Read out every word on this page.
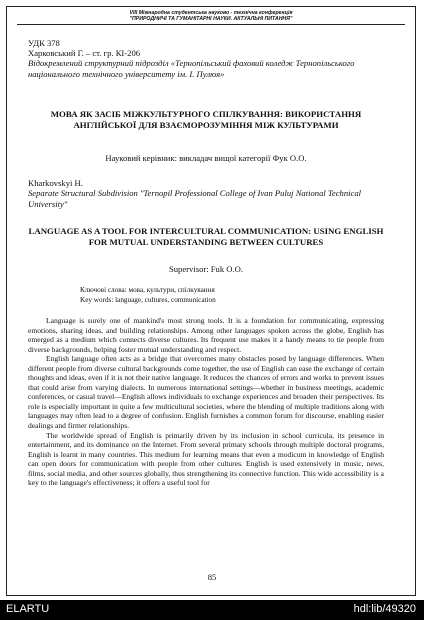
VIII Міжнародна студентська науково - технічна конференція
"ПРИРОДНИЧІ ТА ГУМАНІТАРНІ НАУКИ. АКТУАЛЬНІ ПИТАННЯ"
УДК 378
Харковський Г. – ст. гр. КІ-206
Відокремлений структурний підрозділ «Тернопільський фаховий коледж Тернопільського національного технічного університету ім. І. Пулюя»
МОВА ЯК ЗАСІБ МІЖКУЛЬТУРНОГО СПІЛКУВАННЯ: ВИКОРИСТАННЯ АНГЛІЙСЬКОЇ ДЛЯ ВЗАЄМОРОЗУМІННЯ МІЖ КУЛЬТУРАМИ
Науковий керівник: викладач вищої категорії Фук О.О.
Kharkovskyi H.
Separate Structural Subdivision "Ternopil Professional College of Ivan Puluj National Technical University"
LANGUAGE AS A TOOL FOR INTERCULTURAL COMMUNICATION: USING ENGLISH FOR MUTUAL UNDERSTANDING BETWEEN CULTURES
Supervisor: Fuk O.O.
Ключові слова: мова, культури, спілкування
Key words: language, cultures, communication

Language is surely one of mankind's most strong tools. It is a foundation for communicating, expressing emotions, sharing ideas, and building relationships. Among other languages spoken across the globe, English has emerged as a medium which connects diverse cultures. Its frequent use makes it a handy means to tie people from diverse backgrounds, helping foster mutual understanding and respect.

English language often acts as a bridge that overcomes many obstacles posed by language differences. When different people from diverse cultural backgrounds come together, the use of English can ease the exchange of certain thoughts and ideas, even if it is not their native language. It reduces the chances of errors and works to prevent issues that could arise from varying dialects. In numerous international settings—whether in business meetings, academic conferences, or casual travel—English allows individuals to exchange experiences and broaden their perspectives. Its role is especially important in quite a few multicultural societies, where the blending of multiple traditions along with languages may often lead to a degree of confusion. English furnishes a common forum for discourse, enabling easier dealings and firmer relationships.

The worldwide spread of English is primarily driven by its inclusion in school curricula, its presence in entertainment, and its dominance on the Internet. From several primary schools through multiple doctoral programs, English is learnt in many countries. This medium for learning means that even a modicum in knowledge of English can open doors for communication with people from other cultures. English is used extensively in music, news, films, social media, and other sources globally, thus strengthening its connective function. This wide accessibility is a key to the language's effectiveness; it offers a useful tool for

85
ELARTU	hdl:lib/49320
